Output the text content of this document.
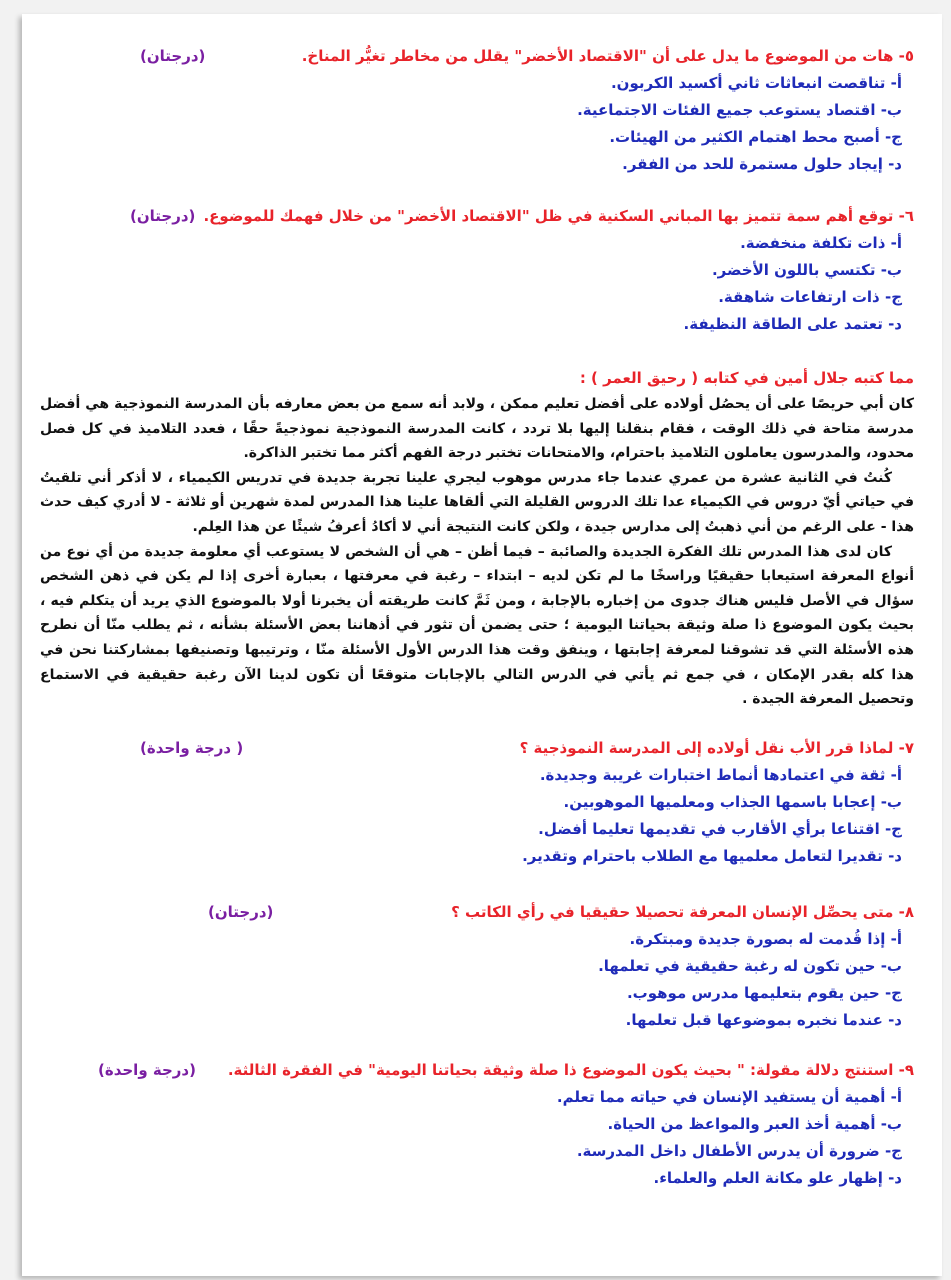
٥- هات من الموضوع ما يدل على أن "الاقتصاد الأخضر" يقلل من مخاطر تغيُّر المناخ.
(درجتان)
أ- تناقصت انبعاثات ثاني أكسيد الكربون.
ب- اقتصاد يستوعب جميع الفئات الاجتماعية.
ج- أصبح محط اهتمام الكثير من الهيئات.
د- إيجاد حلول مستمرة للحد من الفقر.
٦- توقع أهم سمة تتميز بها المباني السكنية في ظل "الاقتصاد الأخضر" من خلال فهمك للموضوع.
(درجتان)
أ- ذات تكلفة منخفضة.
ب- تكتسي باللون الأخضر.
ج- ذات ارتفاعات شاهقة.
د- تعتمد على الطاقة النظيفة.
مما كتبه جلال أمين في كتابه ( رحيق العمر ) :

كان أبي حريصًا على أن يحصُل أولاده على أفضل تعليم ممكن ، ولابد أنه سمع من بعض معارفه بأن المدرسة النموذجية هي أفضل مدرسة متاحة في ذلك الوقت ، فقام بنقلنا إليها بلا تردد ، كانت المدرسة النموذجية نموذجيةً حقًا ، فعدد التلاميذ في كل فصل محدود، والمدرسون يعاملون التلاميذ باحترام، والامتحانات تختبر درجة الفهم أكثر مما تختبر الذاكرة.

كُنتُ في الثانية عشرة من عمري عندما جاء مدرس موهوب ليجري علينا تجربة جديدة في تدريس الكيمياء ، لا أذكر أني تلقيتُ في حياتي أيّ دروس في الكيمياء عدا تلك الدروس القليلة التي ألقاها علينا هذا المدرس لمدة شهرين أو ثلاثة - لا أدري كيف حدث هذا - على الرغم من أني ذهبتُ إلى مدارس جيدة ، ولكن كانت النتيجة أني لا أكادُ أعرفُ شيئًا عن هذا العِلم.

كان لدى هذا المدرس تلك الفكرة الجديدة والصائبة – فيما أظن – هي أن الشخص لا يستوعب أي معلومة جديدة من أي نوع من أنواع المعرفة استيعابا حقيقيًا وراسخًا ما لم تكن لديه – ابتداء – رغبة في معرفتها ، بعبارة أخرى إذا لم يكن في ذهن الشخص سؤال في الأصل فليس هناك جدوى من إخباره بالإجابة ، ومن ثَمَّ كانت طريقته أن يخبرنا أولا بالموضوع الذي يريد أن يتكلم فيه ، بحيث يكون الموضوع ذا صلة وثيقة بحياتنا اليومية ؛ حتى يضمن أن تثور في أذهاننا بعض الأسئلة بشأنه ، ثم يطلب منّا أن نطرح هذه الأسئلة التي قد تشوقنا لمعرفة إجابتها ، وينفق وقت هذا الدرس الأول الأسئلة منّا ، وترتيبها وتصنيفها بمشاركتنا نحن في هذا كله بقدر الإمكان ، في جمع ثم يأتي في الدرس التالي بالإجابات متوقعًا أن تكون لدينا الآن رغبة حقيقية في الاستماع وتحصيل المعرفة الجيدة .

٧- لماذا قرر الأب نقل أولاده إلى المدرسة النموذجية ؟
( درجة واحدة)
أ- ثقة في اعتمادها أنماط اختبارات غريبة وجديدة.
ب- إعجابا باسمها الجذاب ومعلميها الموهوبين.
ج- اقتناعا برأي الأقارب في تقديمها تعليما أفضل.
د- تقديرا لتعامل معلميها مع الطلاب باحترام وتقدير.
٨- متى يحصِّل الإنسان المعرفة تحصيلا حقيقيا في رأي الكاتب ؟
(درجتان)
أ- إذا قُدمت له بصورة جديدة ومبتكرة.
ب- حين تكون له رغبة حقيقية في تعلمها.
ج- حين يقوم بتعليمها مدرس موهوب.
د- عندما نخبره بموضوعها قبل تعلمها.
٩- استنتج دلالة مقولة: " بحيث يكون الموضوع ذا صلة وثيقة بحياتنا اليومية" في الفقرة الثالثة.
(درجة واحدة)
أ- أهمية أن يستفيد الإنسان في حياته مما تعلم.
ب- أهمية أخذ العبر والمواعظ من الحياة.
ج- ضرورة أن يدرس الأطفال داخل المدرسة.
د- إظهار علو مكانة العلم والعلماء.
